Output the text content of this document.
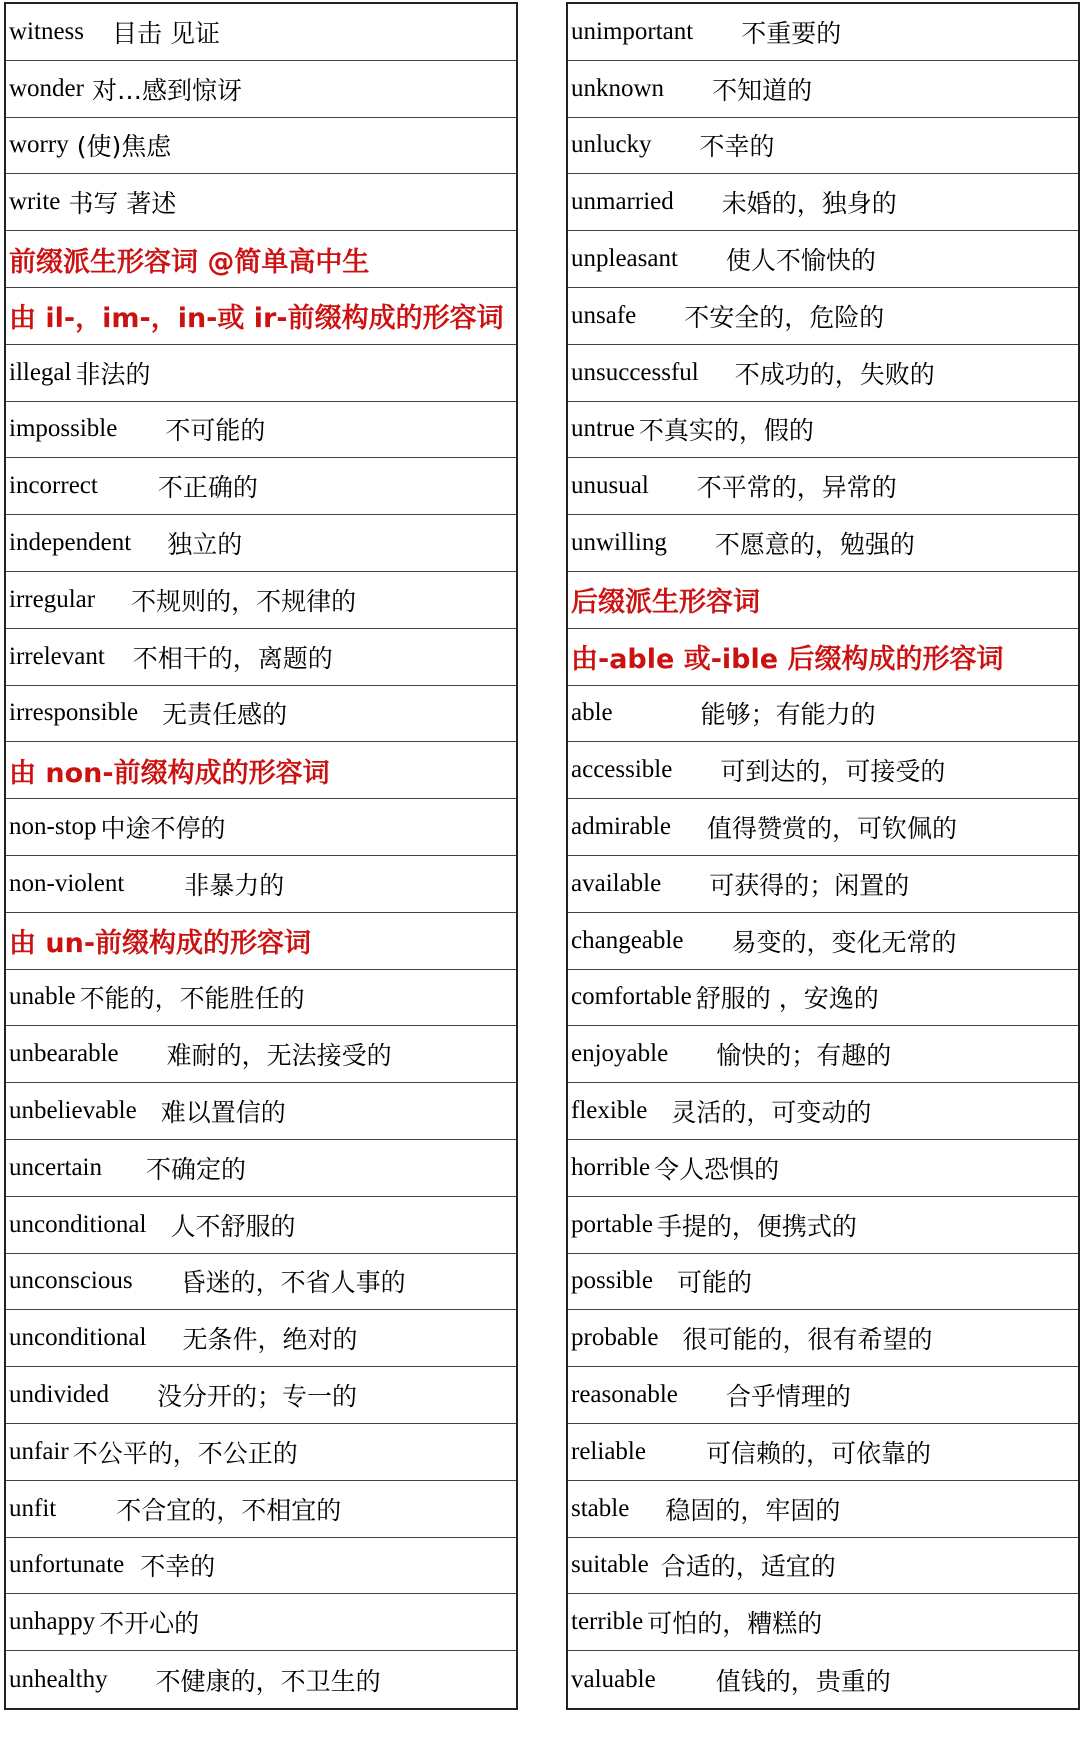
witness 目击 见证
wonder 对…感到惊讶
worry (使)焦虑
write 书写 著述
前缀派生形容词 @简单高中生
由 il-，im-，in-或 ir-前缀构成的形容词
illegal 非法的
impossible 不可能的
incorrect 不正确的
independent 独立的
irregular 不规则的，不规律的
irrelevant 不相干的，离题的
irresponsible 无责任感的
由 non-前缀构成的形容词
non-stop 中途不停的
non-violent 非暴力的
由 un-前缀构成的形容词
unable 不能的，不能胜任的
unbearable 难耐的，无法接受的
unbelievable 难以置信的
uncertain 不确定的
unconditional 人不舒服的
unconscious 昏迷的，不省人事的
unconditional 无条件，绝对的
undivided 没分开的；专一的
unfair 不公平的，不公正的
unfit 不合宜的，不相宜的
unfortunate 不幸的
unhappy 不开心的
unhealthy 不健康的，不卫生的
unimportant 不重要的
unknown 不知道的
unlucky 不幸的
unmarried 未婚的，独身的
unpleasant 使人不愉快的
unsafe 不安全的，危险的
unsuccessful 不成功的，失败的
untrue 不真实的，假的
unusual 不平常的，异常的
unwilling 不愿意的，勉强的
后缀派生形容词
由-able 或-ible 后缀构成的形容词
able	能够；有能力的
accessible 可到达的，可接受的
admirable 值得赞赏的，可钦佩的
available 可获得的；闲置的
changeable 易变的，变化无常的
comfortable 舒服的 ，安逸的
enjoyable 愉快的；有趣的
flexible 灵活的，可变动的
horrible 令人恐惧的
portable 手提的，便携式的
possible 可能的
probable 很可能的，很有希望的
reasonable 合乎情理的
reliable 可信赖的，可依靠的
stable 稳固的，牢固的
suitable 合适的，适宜的
terrible 可怕的，糟糕的
valuable 值钱的，贵重的
